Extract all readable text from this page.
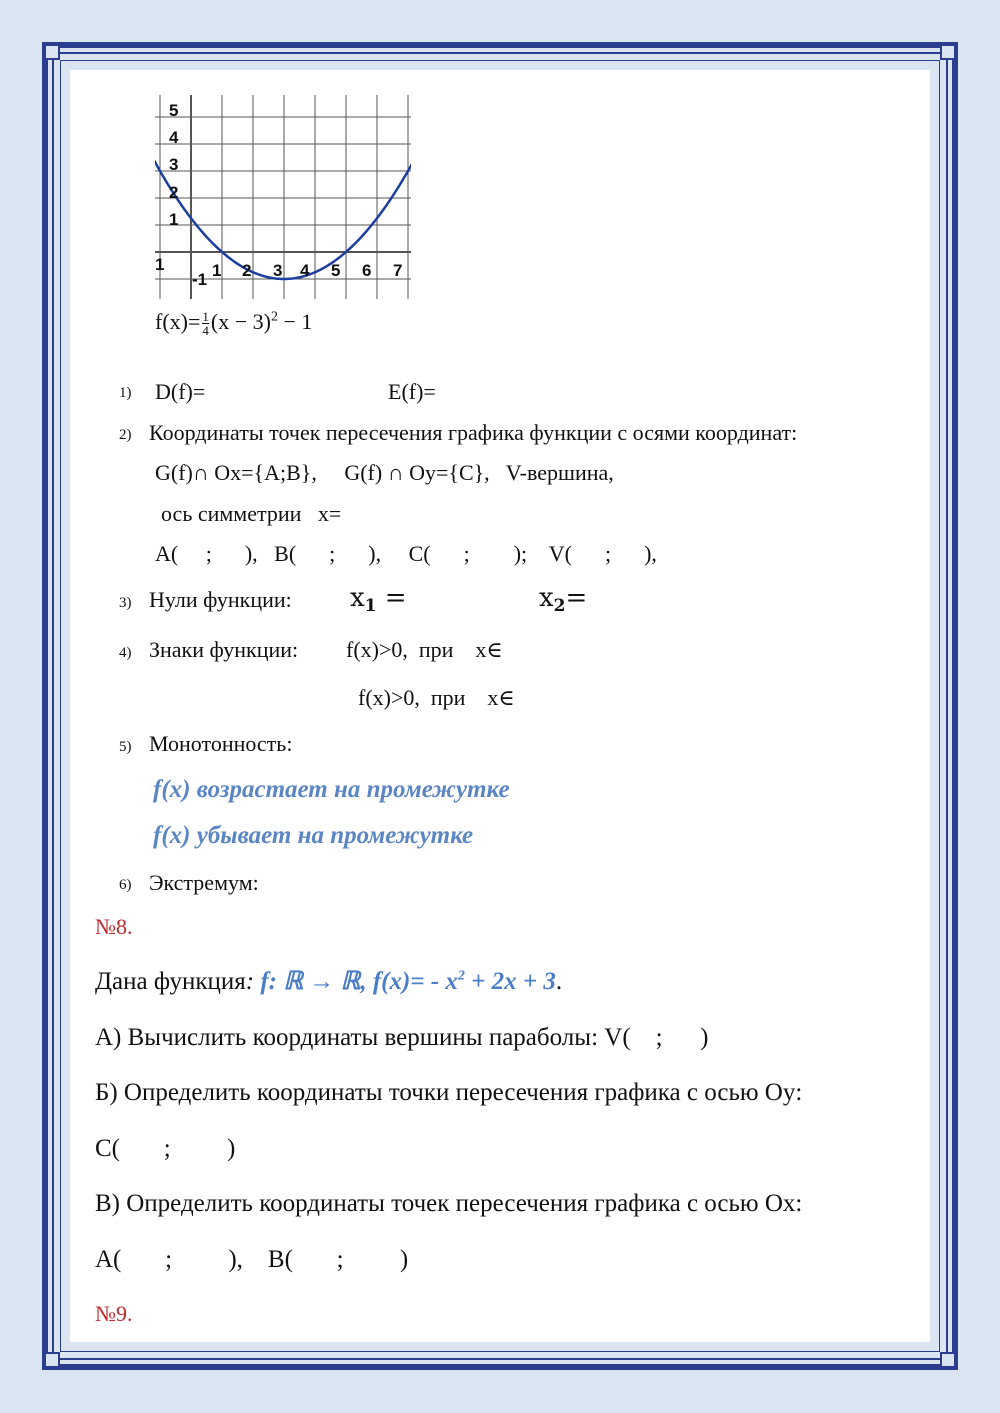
5
4
3
2
1
1
-1 1 2 3 4 5 6 7
$f(x)= \frac{1}{4} (x - 3)^2 - 1$
1) D(f)=	E(f)=
2) Координаты точек пересечения графика функции с осями координат:
G(f)∩ Ox={A;B},     G(f) ∩ Oy={C},   V-вершина,
ось симметрии   x=
A(     ;      ),   B(      ;      ),     C(      ;        );    V(      ;      ),
3) Нули функции: x1 =	x2=
4) Знаки функции: f(x)>0,  при    x∈
f(x)>0,  при    x∈
5) Монотонность:
f(x) возрастает на промежутке
f(x) убывает на промежутке
6) Экстремум:
№8.
Дана функция: f: ℝ → ℝ, $f(x)= - x^2 + 2x + 3$.
А) Вычислить координаты вершины параболы: V(    ;      )
Б) Определить координаты точки пересечения графика с осью Oy:
C(       ;         )
В) Определить координаты точек пересечения графика с осью Ox:
A(       ;         ),    B(       ;         )
№9.
